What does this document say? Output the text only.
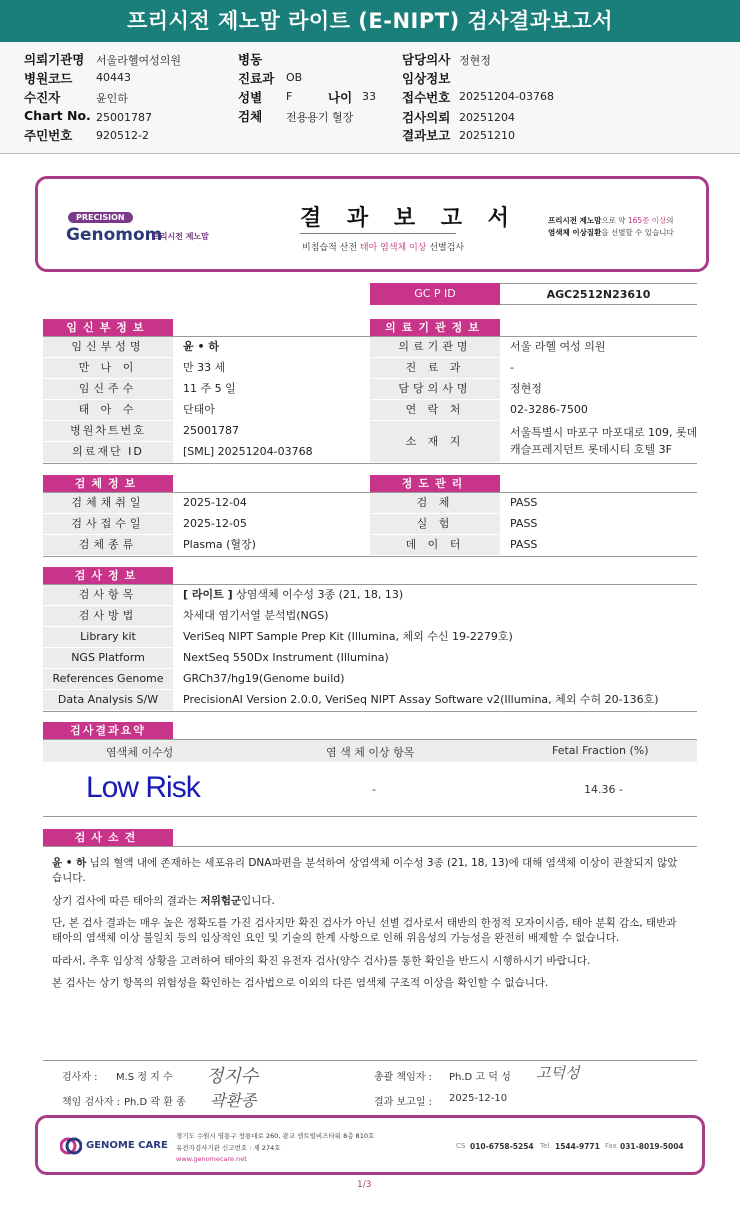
프리시전 제노맘 라이트 (E-NIPT) 검사결과보고서
의뢰기관명 서울라헬여성의원
병원코드 40443
수진자	윤인하
Chart No. 25001787
주민번호 920512-2
병동
진료과 OB
성별 F	나이 33
검체 전용용기 혈장
담당의사 정현정
임상정보
접수번호 20251204-03768
검사의뢰 20251204
결과보고 20251210
PRECISION
Genomom
프리시전 제노맘
결 과 보 고 서
비침습적 산전 태아 염색체 이상 선별검사
프리시전 제노맘으로 약 165종 이상의
염색체 이상질환을 선별할 수 있습니다
GC P ID	AGC2512N23610
임신부정보
임신부성명	윤 • 하
만 나 이	만 33 세
임신주수	11 주 5 일
태 아 수	단태아
병원차트번호	25001787
의료재단 ID	[SML] 20251204-03768
의료기관정보
의료기관명	서울 라헬 여성 의원
진 료 과	-
담당의사명	정현정
연 락 처	02-3286-7500
소 재 지
서울특별시 마포구 마포대로 109, 롯데
캐슬프레지던트 롯데시티 호텔 3F
검체정보
검체채취일	2025-12-04
검사접수일	2025-12-05
검체종류	Plasma (혈장)
정도관리
검 체	PASS
실 험	PASS
데 이 터	PASS
검사정보
검사항목	[ 라이트 ] 상염색체 이수성 3종 (21, 18, 13)
검사방법	차세대 염기서열 분석법(NGS)
Library kit	VeriSeq NIPT Sample Prep Kit (Illumina, 체외 수신 19-2279호)
NGS Platform	NextSeq 550Dx Instrument (Illumina)
References Genome	GRCh37/hg19(Genome build)
Data Analysis S/W	PrecisionAI Version 2.0.0, VeriSeq NIPT Assay Software v2(Illumina, 체외 수허 20-136호)
검사결과요약
염색체 이수성	염 색 체 이상 항목	Fetal Fraction (%)
Low Risk	-	14.36 -
검사소견
윤 • 하 님의 혈액 내에 존재하는 세포유리 DNA파편을 분석하여 상염색체 이수성 3종 (21, 18, 13)에 대해 염색체 이상이 관찰되지 않았
습니다.
상기 검사에 따른 태아의 결과는 저위험군입니다.
단, 본 검사 결과는 매우 높은 정확도를 가진 검사지만 확진 검사가 아닌 선별 검사로서 태반의 한정적 모자이시즘, 태아 분획 감소, 태반과
태아의 염색체 이상 불일치 등의 임상적인 요인 및 기술의 한계 사항으로 인해 위음성의 가능성을 완전히 배제할 수 없습니다.
따라서, 추후 임상적 상황을 고려하여 태아의 확진 유전자 검사(양수 검사)를 통한 확인을 반드시 시행하시기 바랍니다.
본 검사는 상기 항목의 위험성을 확인하는 검사법으로 이외의 다른 염색체 구조적 이상을 확인할 수 없습니다.
검사자 : M.S 정 지 수 정지수
책임 검사자 : Ph.D 곽 환 종 곽환종
총괄 책임자 : Ph.D 고 덕 성 고덕성
결과 보고일 : 2025-12-10
GENOME CARE
경기도 수원시 영통구 창룡대로 260, 광교 센트럴비즈타워 8층 810호
유전자검사기관 신고번호 : 제 274호
www.genomecare.net
CS 010-6758-5254 Tel 1544-9771 Fax 031-8019-5004
1/3
